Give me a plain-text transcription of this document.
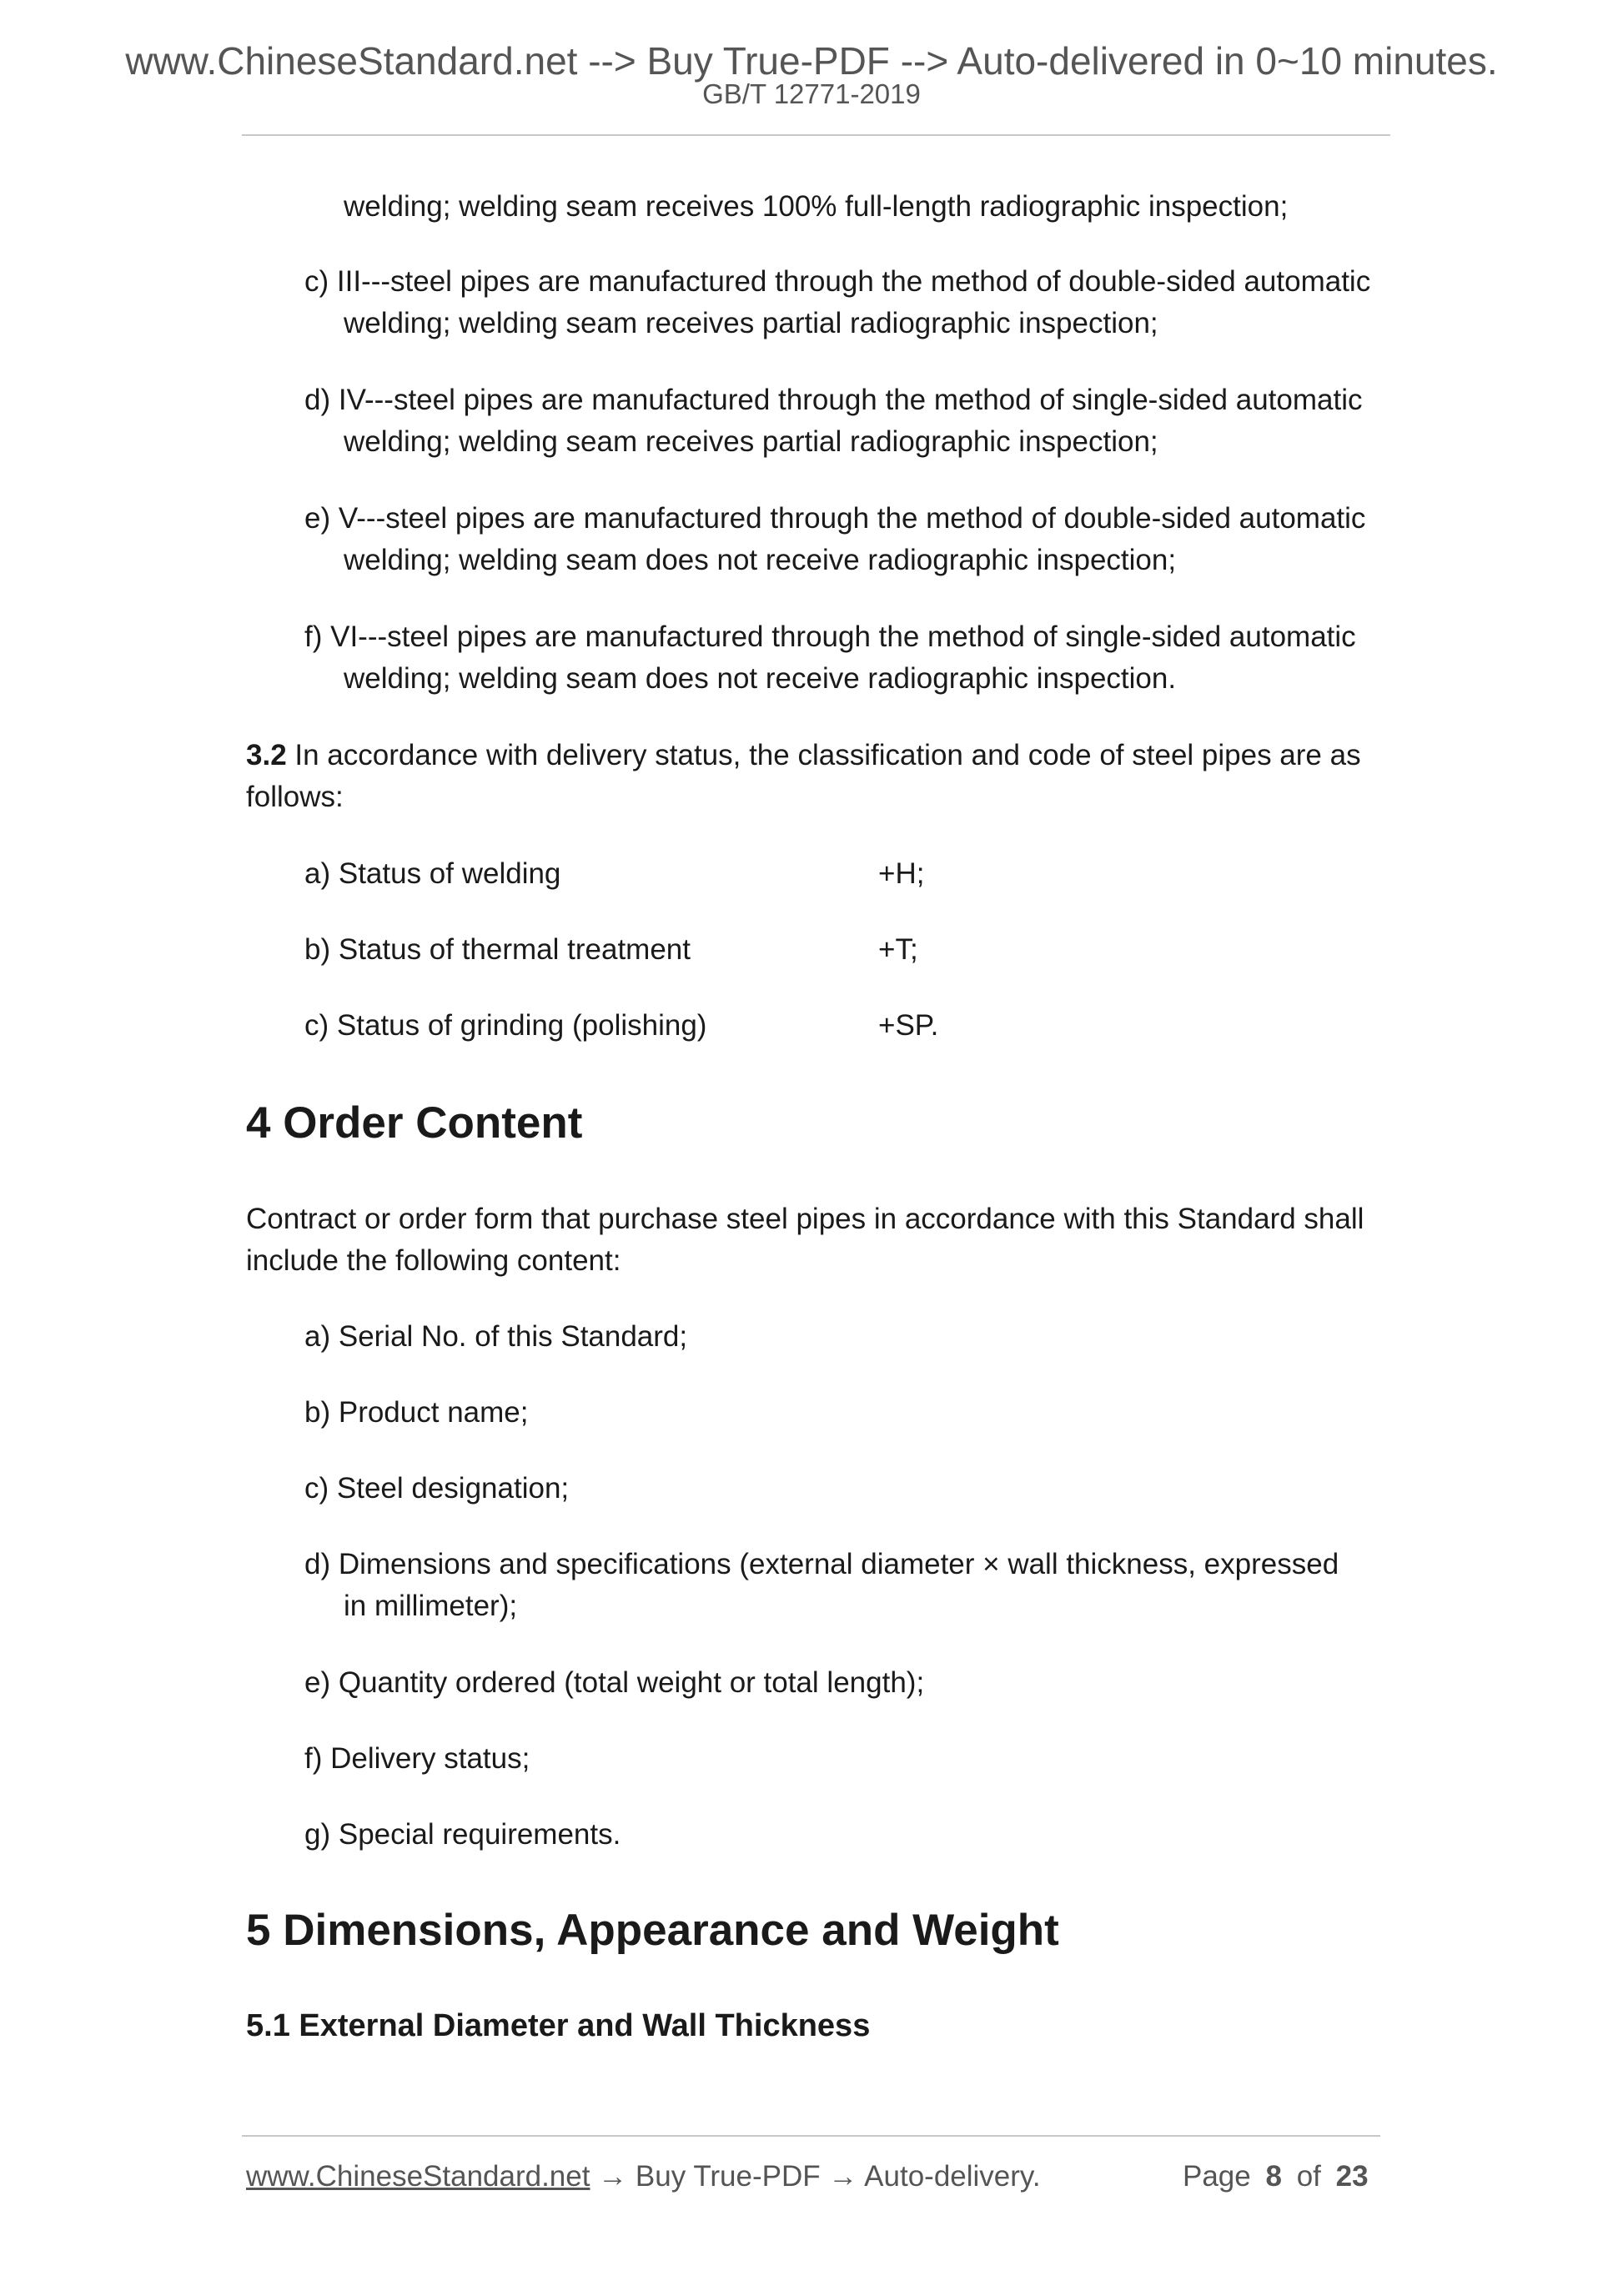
www.ChineseStandard.net --> Buy True-PDF --> Auto-delivered in 0~10 minutes.
GB/T 12771-2019
welding; welding seam receives 100% full-length radiographic inspection;
c) III---steel pipes are manufactured through the method of double-sided automatic
welding; welding seam receives partial radiographic inspection;
d) IV---steel pipes are manufactured through the method of single-sided automatic
welding; welding seam receives partial radiographic inspection;
e) V---steel pipes are manufactured through the method of double-sided automatic
welding; welding seam does not receive radiographic inspection;
f) VI---steel pipes are manufactured through the method of single-sided automatic
welding; welding seam does not receive radiographic inspection.
3.2 In accordance with delivery status, the classification and code of steel pipes are as
follows:
a) Status of welding	+H;
b) Status of thermal treatment	+T;
c) Status of grinding (polishing)	+SP.
4 Order Content
Contract or order form that purchase steel pipes in accordance with this Standard shall
include the following content:
a) Serial No. of this Standard;
b) Product name;
c) Steel designation;
d) Dimensions and specifications (external diameter × wall thickness, expressed
in millimeter);
e) Quantity ordered (total weight or total length);
f) Delivery status;
g) Special requirements.
5 Dimensions, Appearance and Weight
5.1 External Diameter and Wall Thickness
www.ChineseStandard.net → Buy True-PDF → Auto-delivery.	Page 8 of 23
